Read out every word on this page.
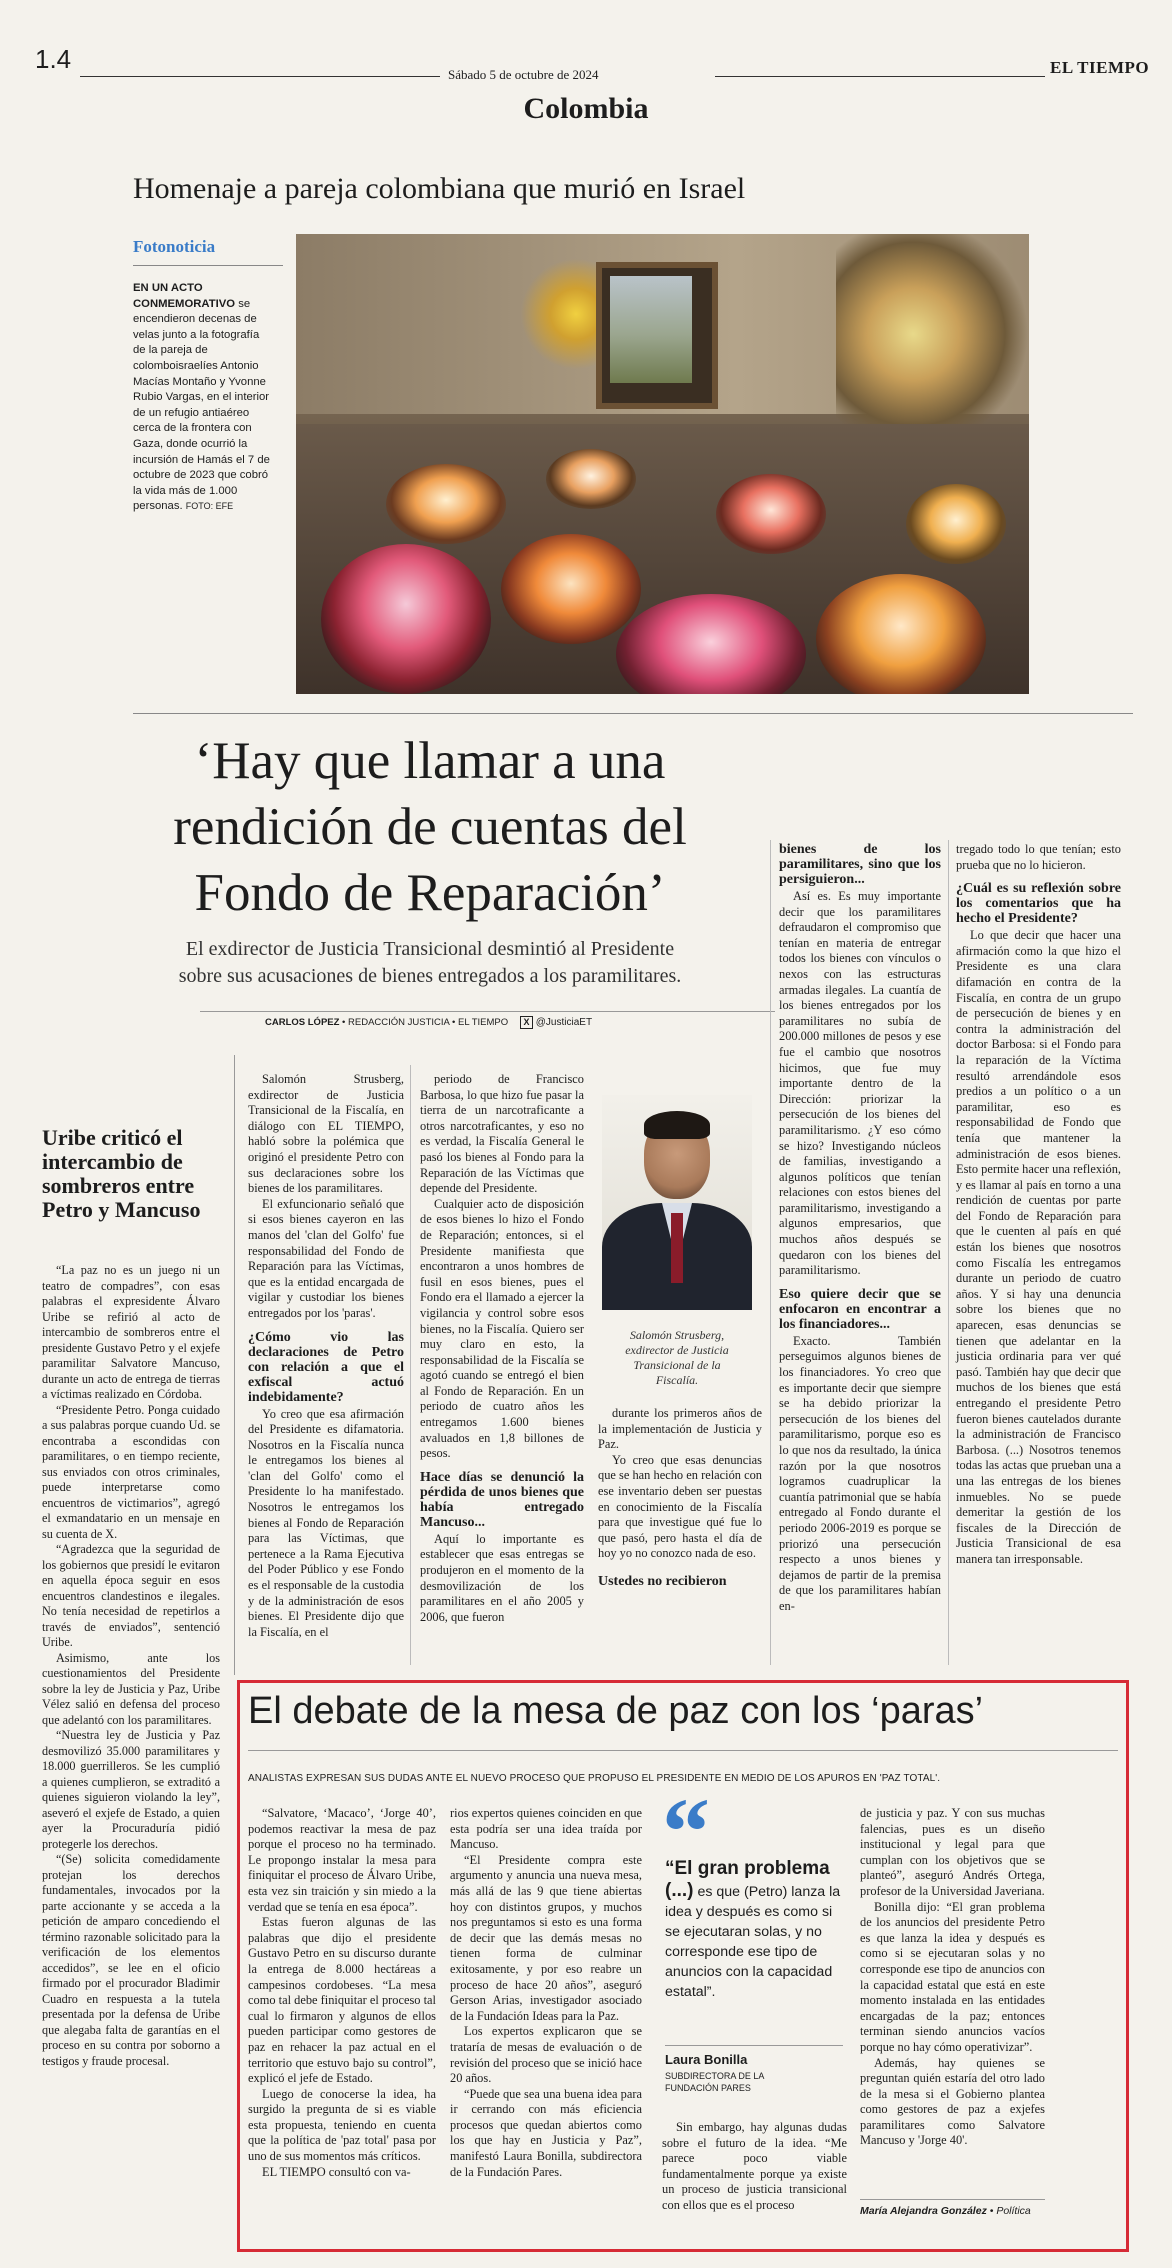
1.4
Sábado 5 de octubre de 2024	EL TIEMPO
Colombia
Homenaje a pareja colombiana que murió en Israel
Fotonoticia
EN UN ACTO CONMEMORATIVO se encendieron decenas de velas junto a la fotografía de la pareja de colomboisraelíes Antonio Macías Montaño y Yvonne Rubio Vargas, en el interior de un refugio antiaéreo cerca de la frontera con Gaza, donde ocurrió la incursión de Hamás el 7 de octubre de 2023 que cobró la vida más de 1.000 personas. FOTO: EFE
‘Hay que llamar a una
rendición de cuentas del
Fondo de Reparación’
El exdirector de Justicia Transicional desmintió al Presidente
sobre sus acusaciones de bienes entregados a los paramilitares.
CARLOS LÓPEZ • REDACCIÓN JUSTICIA • EL TIEMPO	X @JusticiaET
Uribe criticó el intercambio de sombreros entre Petro y Mancuso

“La paz no es un juego ni un teatro de compadres”, con esas palabras el expresidente Álvaro Uribe se refirió al acto de intercambio de sombreros entre el presidente Gustavo Petro y el exjefe paramilitar Salvatore Mancuso, durante un acto de entrega de tierras a víctimas realizado en Córdoba.

“Presidente Petro. Ponga cuidado a sus palabras porque cuando Ud. se encontraba a escondidas con paramilitares, o en tiempo reciente, sus enviados con otros criminales, puede interpretarse como encuentros de victimarios”, agregó el exmandatario en un mensaje en su cuenta de X.

“Agradezca que la seguridad de los gobiernos que presidí le evitaron en aquella época seguir en esos encuentros clandestinos e ilegales. No tenía necesidad de repetirlos a través de enviados”, sentenció Uribe.

Asimismo, ante los cuestionamientos del Presidente sobre la ley de Justicia y Paz, Uribe Vélez salió en defensa del proceso que adelantó con los paramilitares.

“Nuestra ley de Justicia y Paz desmovilizó 35.000 paramilitares y 18.000 guerrilleros. Se les cumplió a quienes cumplieron, se extraditó a quienes siguieron violando la ley”, aseveró el exjefe de Estado, a quien ayer la Procuraduría pidió protegerle los derechos.

“(Se) solicita comedidamente protejan los derechos fundamentales, invocados por la parte accionante y se acceda a la petición de amparo concediendo el término razonable solicitado para la verificación de los elementos accedidos”, se lee en el oficio firmado por el procurador Bladimir Cuadro en respuesta a la tutela presentada por la defensa de Uribe que alegaba falta de garantías en el proceso en su contra por soborno a testigos y fraude procesal.

Salomón Strusberg, exdirector de Justicia Transicional de la Fiscalía, en diálogo con EL TIEMPO, habló sobre la polémica que originó el presidente Petro con sus declaraciones sobre los bienes de los paramilitares.

El exfuncionario señaló que si esos bienes cayeron en las manos del 'clan del Golfo' fue responsabilidad del Fondo de Reparación para las Víctimas, que es la entidad encargada de vigilar y custodiar los bienes entregados por los 'paras'.

¿Cómo vio las declaraciones de Petro con relación a que el exfiscal actuó indebidamente?

Yo creo que esa afirmación del Presidente es difamatoria. Nosotros en la Fiscalía nunca le entregamos los bienes al 'clan del Golfo' como el Presidente lo ha manifestado. Nosotros le entregamos los bienes al Fondo de Reparación para las Víctimas, que pertenece a la Rama Ejecutiva del Poder Público y ese Fondo es el responsable de la custodia y de la administración de esos bienes. El Presidente dijo que la Fiscalía, en el

periodo de Francisco Barbosa, lo que hizo fue pasar la tierra de un narcotraficante a otros narcotraficantes, y eso no es verdad, la Fiscalía General le pasó los bienes al Fondo para la Reparación de las Víctimas que depende del Presidente.

Cualquier acto de disposición de esos bienes lo hizo el Fondo de Reparación; entonces, si el Presidente manifiesta que encontraron a unos hombres de fusil en esos bienes, pues el Fondo era el llamado a ejercer la vigilancia y control sobre esos bienes, no la Fiscalía. Quiero ser muy claro en esto, la responsabilidad de la Fiscalía se agotó cuando se entregó el bien al Fondo de Reparación. En un periodo de cuatro años les entregamos 1.600 bienes avaluados en 1,8 billones de pesos.

Hace días se denunció la pérdida de unos bienes que había entregado Mancuso...

Aquí lo importante es establecer que esas entregas se produjeron en el momento de la desmovilización de los paramilitares en el año 2005 y 2006, que fueron

Salomón Strusberg, exdirector de Justicia Transicional de la Fiscalía.

durante los primeros años de la implementación de Justicia y Paz.

Yo creo que esas denuncias que se han hecho en relación con ese inventario deben ser puestas en conocimiento de la Fiscalía para que investigue qué fue lo que pasó, pero hasta el día de hoy yo no conozco nada de eso.

Ustedes no recibieron
bienes de los paramilitares, sino que los persiguieron...

Así es. Es muy importante decir que los paramilitares defraudaron el compromiso que tenían en materia de entregar todos los bienes con vínculos o nexos con las estructuras armadas ilegales. La cuantía de los bienes entregados por los paramilitares no subía de 200.000 millones de pesos y ese fue el cambio que nosotros hicimos, que fue muy importante dentro de la Dirección: priorizar la persecución de los bienes del paramilitarismo. ¿Y eso cómo se hizo? Investigando núcleos de familias, investigando a algunos políticos que tenían relaciones con estos bienes del paramilitarismo, investigando a algunos empresarios, que muchos años después se quedaron con los bienes del paramilitarismo.

Eso quiere decir que se enfocaron en encontrar a los financiadores...

Exacto. También perseguimos algunos bienes de los financiadores. Yo creo que es importante decir que siempre se ha debido priorizar la persecución de los bienes del paramilitarismo, porque eso es lo que nos da resultado, la única razón por la que nosotros logramos cuadruplicar la cuantía patrimonial que se había entregado al Fondo durante el periodo 2006-2019 es porque se priorizó una persecución respecto a unos bienes y dejamos de partir de la premisa de que los paramilitares habían en-

tregado todo lo que tenían; esto prueba que no lo hicieron.

¿Cuál es su reflexión sobre los comentarios que ha hecho el Presidente?

Lo que decir que hacer una afirmación como la que hizo el Presidente es una clara difamación en contra de la Fiscalía, en contra de un grupo de persecución de bienes y en contra la administración del doctor Barbosa: si el Fondo para la reparación de la Víctima resultó arrendándole esos predios a un político o a un paramilitar, eso es responsabilidad de Fondo que tenía que mantener la administración de esos bienes. Esto permite hacer una reflexión, y es llamar al país en torno a una rendición de cuentas por parte del Fondo de Reparación para que le cuenten al país en qué están los bienes que nosotros como Fiscalía les entregamos durante un periodo de cuatro años. Y si hay una denuncia sobre los bienes que no aparecen, esas denuncias se tienen que adelantar en la justicia ordinaria para ver qué pasó. También hay que decir que muchos de los bienes que está entregando el presidente Petro fueron bienes cautelados durante la administración de Francisco Barbosa. (...) Nosotros tenemos todas las actas que prueban una a una las entregas de los bienes inmuebles. No se puede demeritar la gestión de los fiscales de la Dirección de Justicia Transicional de esa manera tan irresponsable.

El debate de la mesa de paz con los ‘paras’
ANALISTAS EXPRESAN SUS DUDAS ANTE EL NUEVO PROCESO QUE PROPUSO EL PRESIDENTE EN MEDIO DE LOS APUROS EN 'PAZ TOTAL'.

“Salvatore, ‘Macaco’, ‘Jorge 40’, podemos reactivar la mesa de paz porque el proceso no ha terminado. Le propongo instalar la mesa para finiquitar el proceso de Álvaro Uribe, esta vez sin traición y sin miedo a la verdad que se tenía en esa época”.

Estas fueron algunas de las palabras que dijo el presidente Gustavo Petro en su discurso durante la entrega de 8.000 hectáreas a campesinos cordobeses. “La mesa como tal debe finiquitar el proceso tal cual lo firmaron y algunos de ellos pueden participar como gestores de paz en rehacer la paz actual en el territorio que estuvo bajo su control”, explicó el jefe de Estado.

Luego de conocerse la idea, ha surgido la pregunta de si es viable esta propuesta, teniendo en cuenta que la política de 'paz total' pasa por uno de sus momentos más críticos.

EL TIEMPO consultó con va-

rios expertos quienes coinciden en que esta podría ser una idea traída por Mancuso.

“El Presidente compra este argumento y anuncia una nueva mesa, más allá de las 9 que tiene abiertas hoy con distintos grupos, y muchos nos preguntamos si esto es una forma de decir que las demás mesas no tienen forma de culminar exitosamente, y por eso reabre un proceso de hace 20 años”, aseguró Gerson Arias, investigador asociado de la Fundación Ideas para la Paz.

Los expertos explicaron que se trataría de mesas de evaluación o de revisión del proceso que se inició hace 20 años.

“Puede que sea una buena idea para ir cerrando con más eficiencia procesos que quedan abiertos como los que hay en Justicia y Paz”, manifestó Laura Bonilla, subdirectora de la Fundación Pares.

“
“El gran problema (...) es que (Petro) lanza la idea y después es como si se ejecutaran solas, y no corresponde ese tipo de anuncios con la capacidad estatal”.
Laura Bonilla
SUBDIRECTORA DE LA FUNDACIÓN PARES

Sin embargo, hay algunas dudas sobre el futuro de la idea. “Me parece poco viable fundamentalmente porque ya existe un proceso de justicia transicional con ellos que es el proceso

de justicia y paz. Y con sus muchas falencias, pues es un diseño institucional y legal para que cumplan con los objetivos que se planteó”, aseguró Andrés Ortega, profesor de la Universidad Javeriana.

Bonilla dijo: “El gran problema de los anuncios del presidente Petro es que lanza la idea y después es como si se ejecutaran solas y no corresponde ese tipo de anuncios con la capacidad estatal que está en este momento instalada en las entidades encargadas de la paz; entonces terminan siendo anuncios vacíos porque no hay cómo operativizar”.

Además, hay quienes se preguntan quién estaría del otro lado de la mesa si el Gobierno plantea como gestores de paz a exjefes paramilitares como Salvatore Mancuso y 'Jorge 40'.

María Alejandra González • Política
